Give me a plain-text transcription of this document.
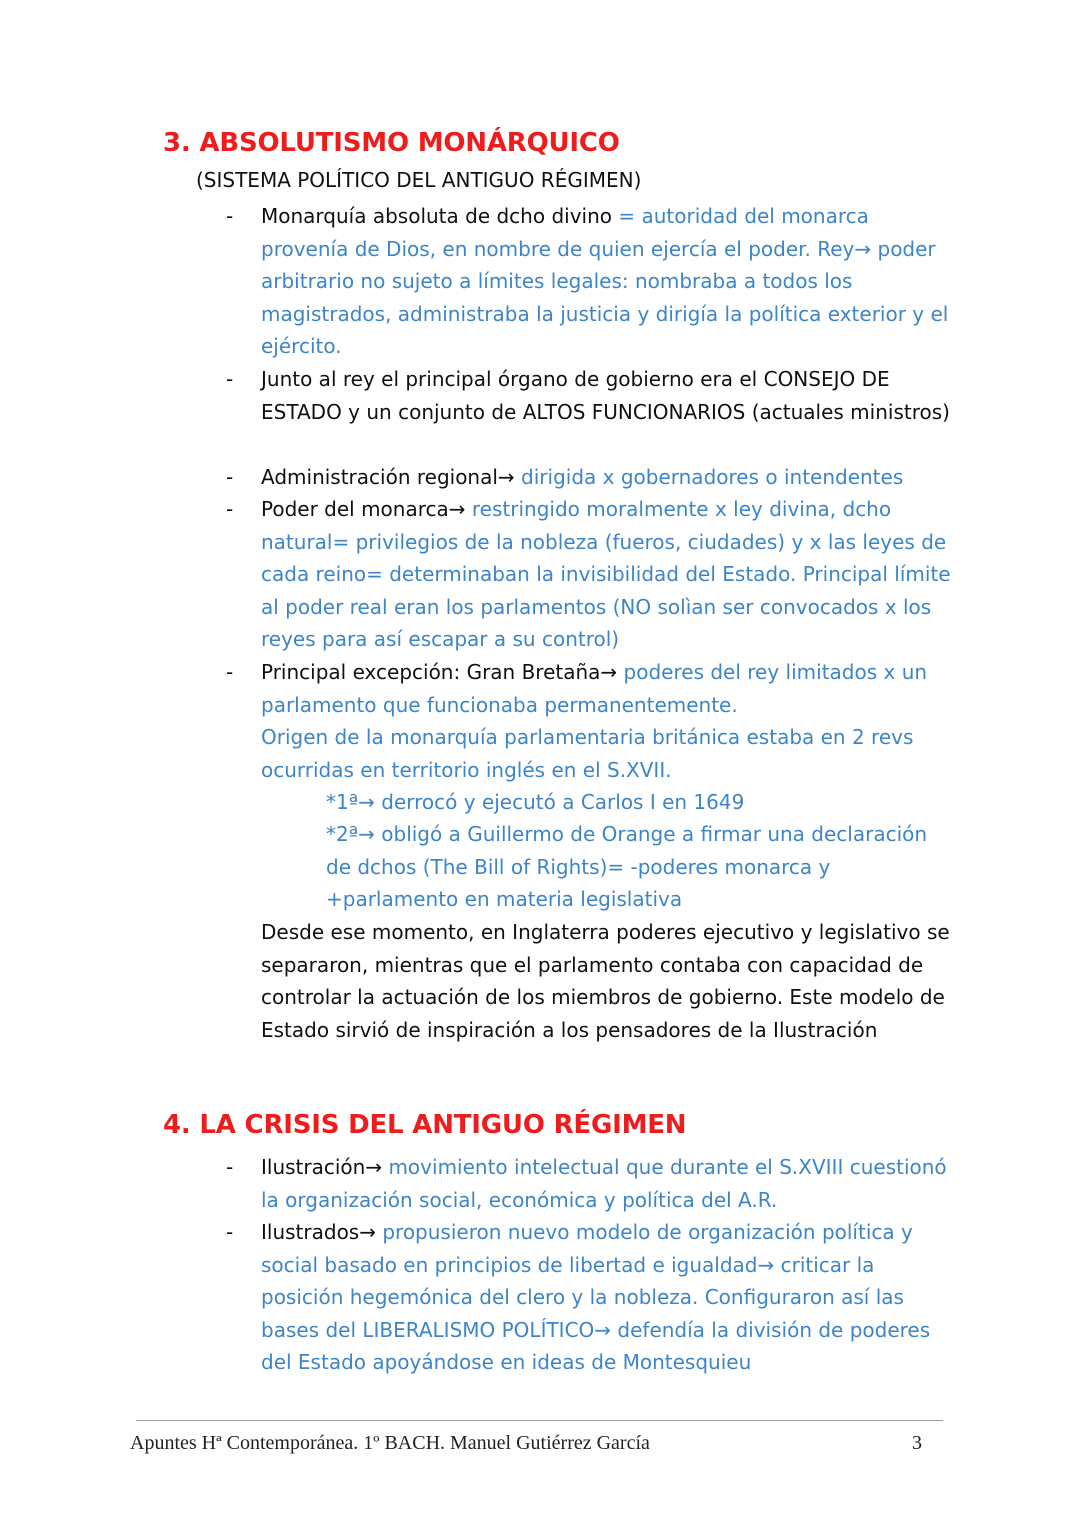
3. ABSOLUTISMO MONÁRQUICO
(SISTEMA POLÍTICO DEL ANTIGUO RÉGIMEN)
- Monarquía absoluta de dcho divino = autoridad del monarca provenía de Dios, en nombre de quien ejercía el poder. Rey→ poder arbitrario no sujeto a límites legales: nombraba a todos los magistrados, administraba la justicia y dirigía la política exterior y el ejército.

- Junto al rey el principal órgano de gobierno era el CONSEJO DE ESTADO y un conjunto de ALTOS FUNCIONARIOS (actuales ministros)

- Administración regional→ dirigida x gobernadores o intendentes

- Poder del monarca→ restringido moralmente x ley divina, dcho natural= privilegios de la nobleza (fueros, ciudades) y x las leyes de cada reino= determinaban la invisibilidad del Estado. Principal límite al poder real eran los parlamentos (NO solìan ser convocados x los reyes para así escapar a su control)

- Principal excepción: Gran Bretaña→ poderes del rey limitados x un parlamento que funcionaba permanentemente.

Origen de la monarquía parlamentaria británica estaba en 2 revs ocurridas en territorio inglés en el S.XVII.

*1ª→ derrocó y ejecutó a Carlos I en 1649

*2ª→ obligó a Guillermo de Orange a firmar una declaración de dchos (The Bill of Rights)= -poderes monarca y +parlamento en materia legislativa

Desde ese momento, en Inglaterra poderes ejecutivo y legislativo se separaron, mientras que el parlamento contaba con capacidad de controlar la actuación de los miembros de gobierno. Este modelo de Estado sirvió de inspiración a los pensadores de la Ilustración

4. LA CRISIS DEL ANTIGUO RÉGIMEN
- Ilustración→ movimiento intelectual que durante el S.XVIII cuestionó la organización social, económica y política del A.R.

- Ilustrados→ propusieron nuevo modelo de organización política y social basado en principios de libertad e igualdad→ criticar la posición hegemónica del clero y la nobleza. Configuraron así las bases del LIBERALISMO POLÍTICO→ defendía la división de poderes del Estado apoyándose en ideas de Montesquieu

Apuntes Hª Contemporánea. 1º BACH. Manuel Gutiérrez García	3
